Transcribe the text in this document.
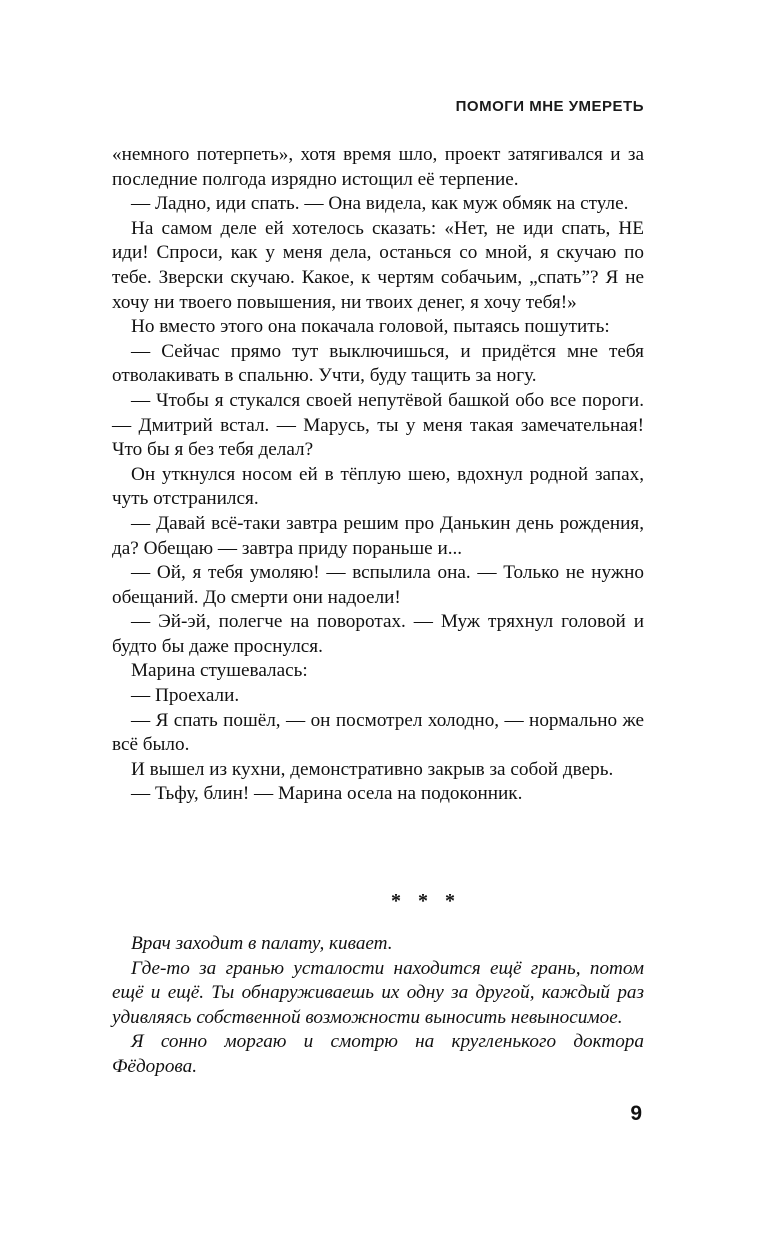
ПОМОГИ МНЕ УМЕРЕТЬ

«немного потерпеть», хотя время шло, проект затягивался и за последние полгода изрядно истощил её терпение.

— Ладно, иди спать. — Она видела, как муж обмяк на стуле.

На самом деле ей хотелось сказать: «Нет, не иди спать, НЕ иди! Спроси, как у меня дела, останься со мной, я скучаю по тебе. Зверски скучаю. Какое, к чертям собачьим, „спать”? Я не хочу ни твоего повышения, ни твоих денег, я хочу тебя!»

Но вместо этого она покачала головой, пытаясь пошутить:

— Сейчас прямо тут выключишься, и придётся мне тебя отволакивать в спальню. Учти, буду тащить за ногу.

— Чтобы я стукался своей непутёвой башкой обо все пороги. — Дмитрий встал. — Марусь, ты у меня такая замечательная! Что бы я без тебя делал?

Он уткнулся носом ей в тёплую шею, вдохнул родной запах, чуть отстранился.

— Давай всё-таки завтра решим про Данькин день рождения, да? Обещаю — завтра приду пораньше и...

— Ой, я тебя умоляю! — вспылила она. — Только не нужно обещаний. До смерти они надоели!

— Эй-эй, полегче на поворотах. — Муж тряхнул головой и будто бы даже проснулся.

Марина стушевалась:

— Проехали.

— Я спать пошёл, — он посмотрел холодно, — нормально же всё было.

И вышел из кухни, демонстративно закрыв за собой дверь.

— Тьфу, блин! — Марина осела на подоконник.

* * *

Врач заходит в палату, кивает.

Где-то за гранью усталости находится ещё грань, потом ещё и ещё. Ты обнаруживаешь их одну за другой, каждый раз удивляясь собственной возможности выносить невыносимое.

Я сонно моргаю и смотрю на кругленького доктора Фёдорова.

9
